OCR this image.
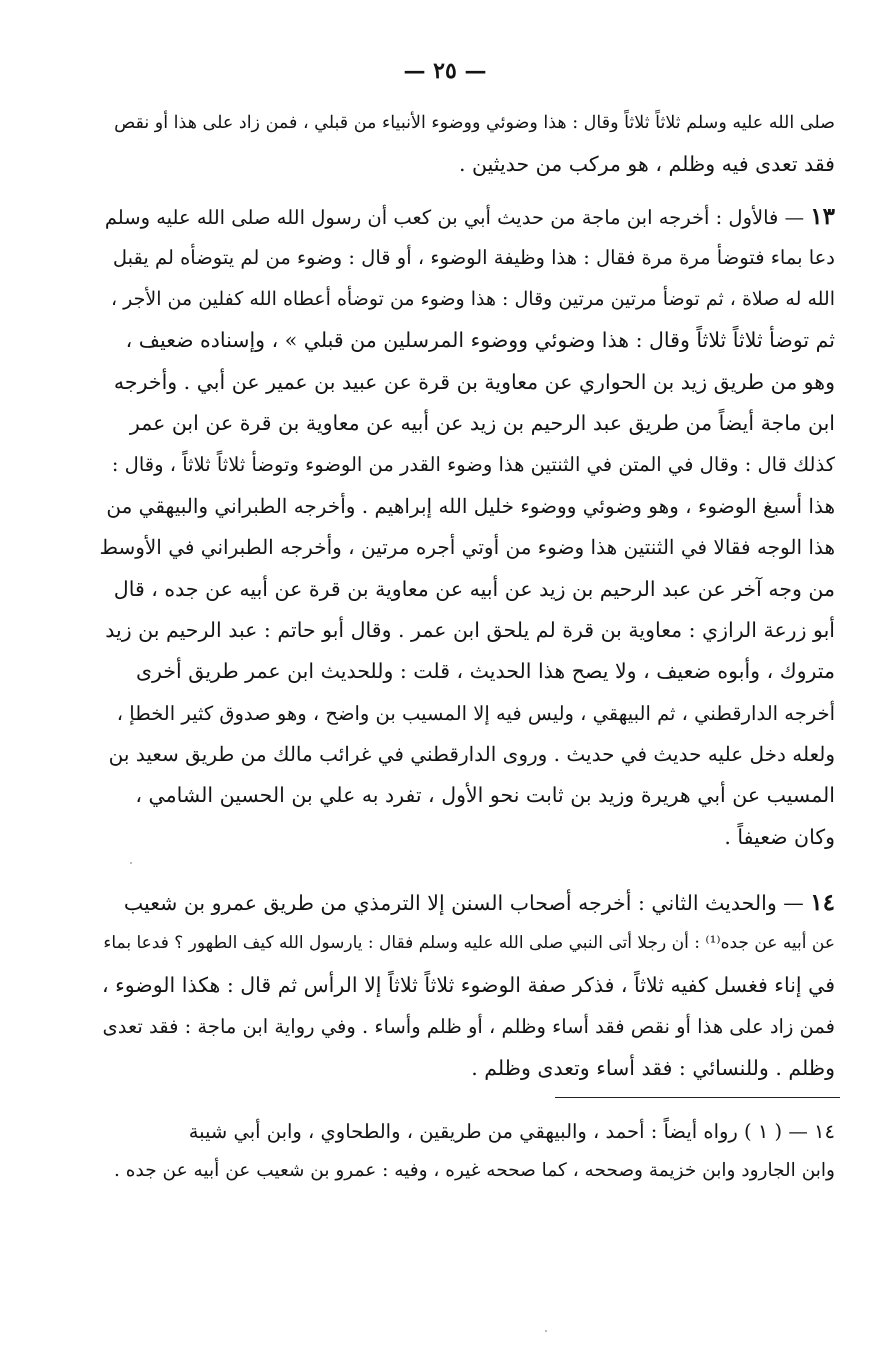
— ٢٥ —
صلى الله عليه وسلم ثلاثاً ثلاثاً وقال : هذا وضوئي ووضوء الأنبياء من قبلي ، فمن زاد على هذا أو نقص
فقد تعدى فيه وظلم ، هو مركب من حديثين .
١٣ — فالأول : أخرجه ابن ماجة من حديث أبي بن كعب أن رسول الله صلى الله عليه وسلم
دعا بماء فتوضأ مرة مرة فقال : هذا وظيفة الوضوء ، أو قال : وضوء من لم يتوضأه لم يقبل
الله له صلاة ، ثم توضأ مرتين مرتين وقال : هذا وضوء من توضأه أعطاه الله كفلين من الأجر ،
ثم توضأ ثلاثاً ثلاثاً وقال : هذا وضوئي ووضوء المرسلين من قبلي » ، وإسناده ضعيف ،
وهو من طريق زيد بن الحواري عن معاوية بن قرة عن عبيد بن عمير عن أبي . وأخرجه
ابن ماجة أيضاً من طريق عبد الرحيم بن زيد عن أبيه عن معاوية بن قرة عن ابن عمر
كذلك قال : وقال في المتن في الثنتين هذا وضوء القدر من الوضوء وتوضأ ثلاثاً ثلاثاً ، وقال :
هذا أسبغ الوضوء ، وهو وضوئي ووضوء خليل الله إبراهيم . وأخرجه الطبراني والبيهقي من
هذا الوجه فقالا في الثنتين هذا وضوء من أوتي أجره مرتين ، وأخرجه الطبراني في الأوسط
من وجه آخر عن عبد الرحيم بن زيد عن أبيه عن معاوية بن قرة عن أبيه عن جده ، قال
أبو زرعة الرازي : معاوية بن قرة لم يلحق ابن عمر . وقال أبو حاتم : عبد الرحيم بن زيد
متروك ، وأبوه ضعيف ، ولا يصح هذا الحديث ، قلت : وللحديث ابن عمر طريق أخرى
أخرجه الدارقطني ، ثم البيهقي ، وليس فيه إلا المسيب بن واضح ، وهو صدوق كثير الخطإ ،
ولعله دخل عليه حديث في حديث . وروى الدارقطني في غرائب مالك من طريق سعيد بن
المسيب عن أبي هريرة وزيد بن ثابت نحو الأول ، تفرد به علي بن الحسين الشامي ،
وكان ضعيفاً .
١٤ — والحديث الثاني : أخرجه أصحاب السنن إلا الترمذي من طريق عمرو بن شعيب
عن أبيه عن جده⁽¹⁾ : أن رجلا أتى النبي صلى الله عليه وسلم فقال : يارسول الله كيف الطهور ؟ فدعا بماء
في إناء فغسل كفيه ثلاثاً ، فذكر صفة الوضوء ثلاثاً ثلاثاً إلا الرأس ثم قال : هكذا الوضوء ،
فمن زاد على هذا أو نقص فقد أساء وظلم ، أو ظلم وأساء . وفي رواية ابن ماجة : فقد تعدى
وظلم . وللنسائي : فقد أساء وتعدى وظلم .
١٤ — ( ١ ) رواه أيضاً : أحمد ، والبيهقي من طريقين ، والطحاوي ، وابن أبي شيبة
وابن الجارود وابن خزيمة وصححه ، كما صححه غيره ، وفيه : عمرو بن شعيب عن أبيه عن جده .
